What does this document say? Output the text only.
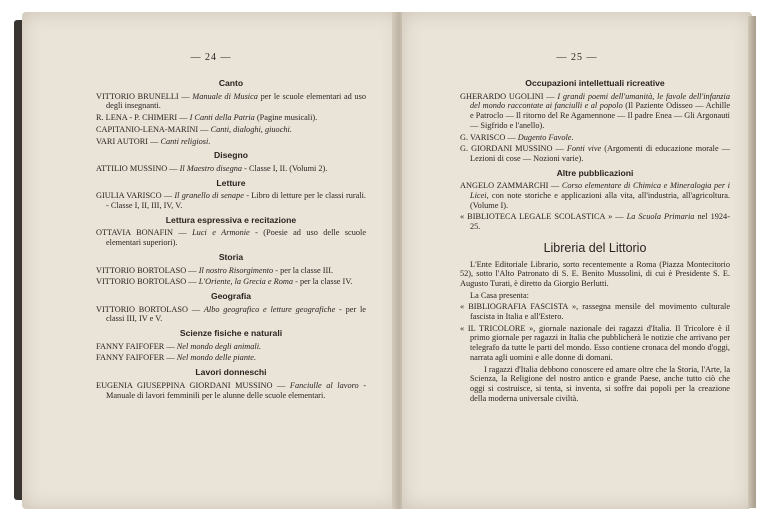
— 24 —
Canto
VITTORIO BRUNELLI — Manuale di Musica per le scuole elementari ad uso degli insegnanti.
R. LENA - P. CHIMERI — I Canti della Patria (Pagine musicali).
CAPITANIO-LENA-MARINI — Canti, dialoghi, giuochi.
VARI AUTORI — Canti religiosi.
Disegno
ATTILIO MUSSINO — Il Maestro disegna - Classe I, II. (Volumi 2).
Letture
GIULIA VARISCO — Il granello di senape - Libro di letture per le classi rurali. - Classe I, II, III, IV, V.
Lettura espressiva e recitazione
OTTAVIA BONAFIN — Luci e Armonie - (Poesie ad uso delle scuole elementari superiori).
Storia
VITTORIO BORTOLASO — Il nostro Risorgimento - per la classe III.
VITTORIO BORTOLASO — L'Oriente, la Grecia e Roma - per la classe IV.
Geografia
VITTORIO BORTOLASO — Albo geografico e letture geografiche - per le classi III, IV e V.
Scienze fisiche e naturali
FANNY FAIFOFER — Nel mondo degli animali.
FANNY FAIFOFER — Nel mondo delle piante.
Lavori donneschi
EUGENIA GIUSEPPINA GIORDANI MUSSINO — Fanciulle al lavoro - Manuale di lavori femminili per le alunne delle scuole elementari.
— 25 —
Occupazioni intellettuali ricreative
GHERARDO UGOLINI — I grandi poemi dell'umanità, le favole dell'infanzia del mondo raccontate ai fanciulli e al popolo (Il Paziente Odisseo — Achille e Patroclo — Il ritorno del Re Agamennone — Il padre Enea — Gli Argonauti — Sigfrido e l'anello).
G. VARISCO — Dugento Favole.
G. GIORDANI MUSSINO — Fonti vive (Argomenti di educazione morale — Lezioni di cose — Nozioni varie).
Altre pubblicazioni
ANGELO ZAMMARCHI — Corso elementare di Chimica e Mineralogia per i Licei, con note storiche e applicazioni alla vita, all'industria, all'agricoltura. (Volume I).
« BIBLIOTECA LEGALE SCOLASTICA » — La Scuola Primaria nel 1924-25.
Libreria del Littorio
L'Ente Editoriale Librario, sorto recentemente a Roma (Piazza Montecitorio 52), sotto l'Alto Patronato di S. E. Benito Mussolini, di cui è Presidente S. E. Augusto Turati, è diretto da Giorgio Berlutti.
La Casa presenta:
« BIBLIOGRAFIA FASCISTA », rassegna mensile del movimento culturale fascista in Italia e all'Estero.
« IL TRICOLORE », giornale nazionale dei ragazzi d'Italia. Il Tricolore è il primo giornale per ragazzi in Italia che pubblicherà le notizie che arrivano per telegrafo da tutte le parti del mondo. Esso contiene cronaca del mondo d'oggi, narrata agli uomini e alle donne di domani.
I ragazzi d'Italia debbono conoscere ed amare oltre che la Storia, l'Arte, la Scienza, la Religione del nostro antico e grande Paese, anche tutto ciò che oggi si costruisce, si tenta, si inventa, si soffre dai popoli per la creazione della moderna universale civiltà.
